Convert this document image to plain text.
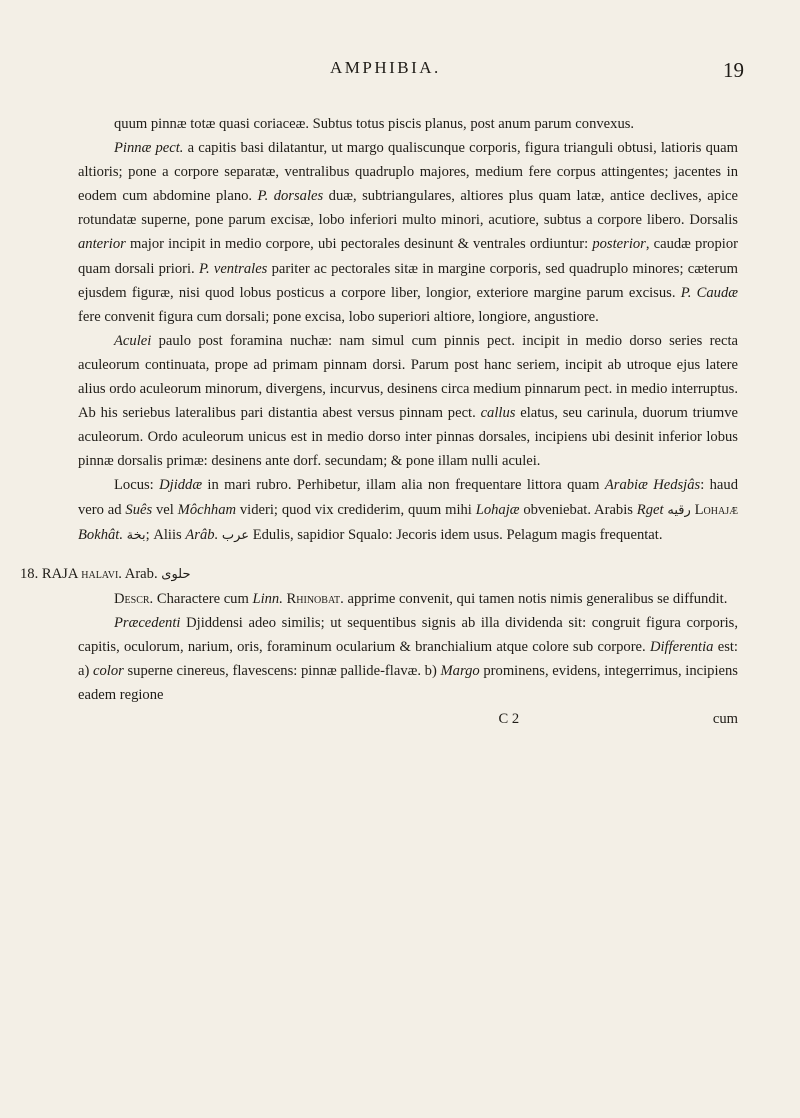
AMPHIBIA.	19

quum pinnæ totæ quasi coriaceæ. Subtus totus piscis planus, post anum parum convexus.

Pinnæ pect. a capitis basi dilatantur, ut margo qualiscunque corporis, figura trianguli obtusi, latioris quam altioris; pone a corpore separatæ, ventralibus quadruplo majores, medium fere corpus attingentes; jacentes in eodem cum abdomine plano. P. dorsales duæ, subtriangulares, altiores plus quam latæ, antice declives, apice rotundatæ superne, pone parum excisæ, lobo inferiori multo minori, acutiore, subtus a corpore libero. Dorsalis anterior major incipit in medio corpore, ubi pectorales desinunt & ventrales ordiuntur: posterior, caudæ propior quam dorsali priori. P. ventrales pariter ac pectorales sitæ in margine corporis, sed quadruplo minores; cæterum ejusdem figuræ, nisi quod lobus posticus a corpore liber, longior, exteriore margine parum excisus. P. Caudæ fere convenit figura cum dorsali; pone excisa, lobo superiori altiore, longiore, angustiore.

Aculei paulo post foramina nuchæ: nam simul cum pinnis pect. incipit in medio dorso series recta aculeorum continuata, prope ad primam pinnam dorsi. Parum post hanc seriem, incipit ab utroque ejus latere alius ordo aculeorum minorum, divergens, incurvus, desinens circa medium pinnarum pect. in medio interruptus. Ab his seriebus lateralibus pari distantia abest versus pinnam pect. callus elatus, seu carinula, duorum triumve aculeorum. Ordo aculeorum unicus est in medio dorso inter pinnas dorsales, incipiens ubi desinit inferior lobus pinnæ dorsalis primæ: desinens ante dorf. secundam; & pone illam nulli aculei.

Locus: Djiddæ in mari rubro. Perhibetur, illam alia non frequentare littora quam Arabiæ Hedsjâs: haud vero ad Suês vel Môchham videri; quod vix crediderim, quum mihi Lohajæ obveniebat. Arabis Rget رقيه Lohajæ Bokhât. بخة; Aliis Arâb. عرب Edulis, sapidior Squalo: Jecoris idem usus. Pelagum magis frequentat.

18. RAJA halavi. Arab. حلوى

Descr. Charactere cum Linn. Rhinobat. apprime convenit, qui tamen notis nimis generalibus se diffundit.

Præcedenti Djiddensi adeo similis; ut sequentibus signis ab illa dividenda sit: congruit figura corporis, capitis, oculorum, narium, oris, foraminum ocularium & branchialium atque colore sub corpore. Differentia est: a) color superne cinereus, flavescens: pinnæ pallide-flavæ. b) Margo prominens, evidens, integerrimus, incipiens eadem regione

C 2	cum
